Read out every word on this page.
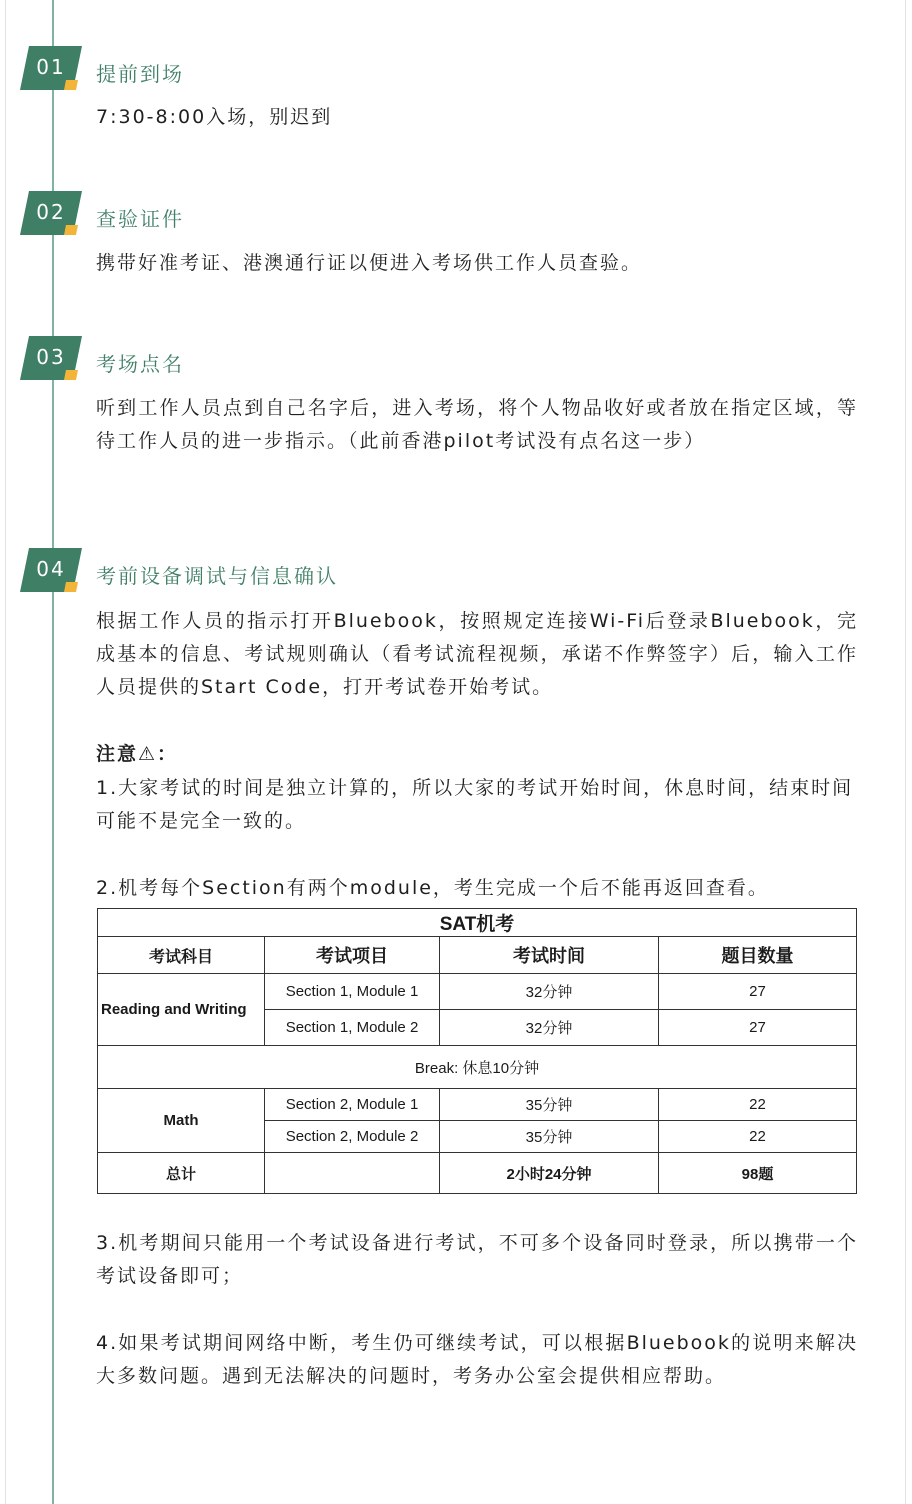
01 提前到场
7:30-8:00入场，别迟到
02 查验证件
携带好准考证、港澳通行证以便进入考场供工作人员查验。
03 考场点名
听到工作人员点到自己名字后，进入考场，将个人物品收好或者放在指定区域，等待工作人员的进一步指示。（此前香港pilot考试没有点名这一步）
04 考前设备调试与信息确认
根据工作人员的指示打开Bluebook，按照规定连接Wi-Fi后登录Bluebook，完成基本的信息、考试规则确认（看考试流程视频，承诺不作弊签字）后，输入工作人员提供的Start Code，打开考试卷开始考试。
注意⚠：
1.大家考试的时间是独立计算的，所以大家的考试开始时间，休息时间，结束时间可能不是完全一致的。
2.机考每个Section有两个module，考生完成一个后不能再返回查看。
SAT机考			
考试科目	考试项目	考试时间	题目数量
Reading and Writing	Section 1, Module 1	32分钟	27
	Section 1, Module 2	32分钟	27
Break: 休息10分钟			
Math	Section 2, Module 1	35分钟	22
	Section 2, Module 2	35分钟	22
总计		2小时24分钟	98题
3.机考期间只能用一个考试设备进行考试，不可多个设备同时登录，所以携带一个考试设备即可；
4.如果考试期间网络中断，考生仍可继续考试，可以根据Bluebook的说明来解决大多数问题。遇到无法解决的问题时，考务办公室会提供相应帮助。
